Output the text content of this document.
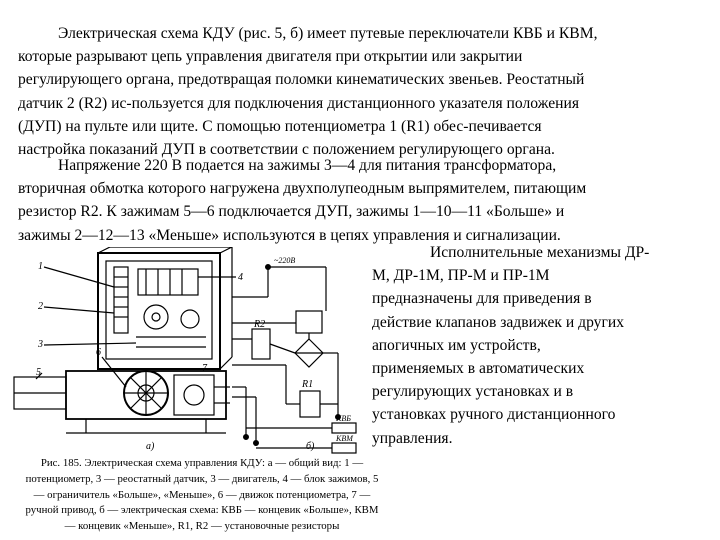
Электрическая схема КДУ (рис. 5, б) имеет путевые переключатели КВБ и КВМ,
которые разрывают цепь управления двигателя при открытии или закрытии
регулирующего органа, предотвращая поломки кинематических звеньев. Реостатный
датчик 2 (R2) ис-пользуется для подключения дистанционного указателя положения
(ДУП) на пульте или щите. С помощью потенциометра 1 (R1) обес-печивается
настройка показаний ДУП в соответствии с положением регулирующего органа.
Напряжение 220 В подается на зажимы 3—4 для питания трансформатора,
вторичная обмотка которого нагружена двухполупеодным выпрямителем, питающим
резистор R2. К зажимам 5—6 подключается ДУП, зажимы 1—10—11 «Больше» и
зажимы 2—12—13 «Меньше» используются в цепях управления и сигнализации.
Исполнительные механизмы ДР-
М, ДР-1М, ПР-М и ПР-1М
предназначены для приведения в
действие клапанов задвижек и других
апогичных им устройств,
применяемых в автоматических
регулирующих установках и в
установках ручного дистанционного
управления.
1
2
3
4
5
6
7
R2
R1
КВБ
КВМ
~220В
а)	б)
Рис. 185. Электрическая схема управления КДУ: а — общий вид: 1 —
потенциометр, 3 — реостатный датчик, 3 — двигатель, 4 — блок зажимов, 5
— ограничитель «Больше», «Меньше», 6 — движок потенциометра, 7 —
ручной привод, б — электрическая схема: КВБ — концевик «Больше», КВМ
— концевик «Меньше», R1, R2 — установочные резисторы
